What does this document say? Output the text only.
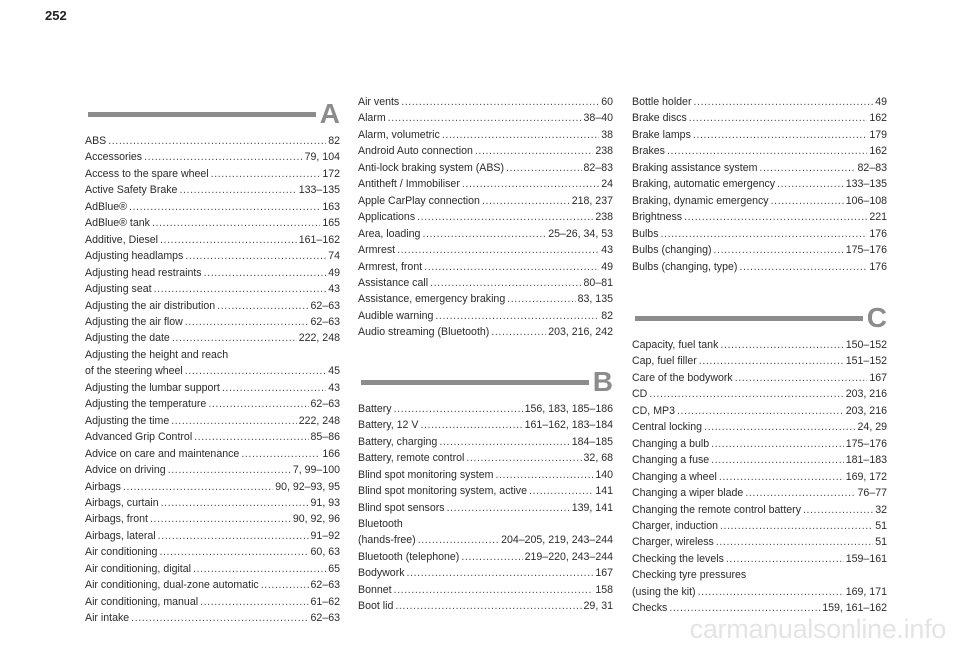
252
A
ABS .....	82
Accessories .....	79, 104
Access to the spare wheel .....	172
Active Safety Brake .....	133–135
AdBlue® .....	163
AdBlue® tank .....	165
Additive, Diesel .....	161–162
Adjusting headlamps .....	74
Adjusting head restraints .....	49
Adjusting seat .....	43
Adjusting the air distribution .....	62–63
Adjusting the air flow .....	62–63
Adjusting the date .....	222, 248
Adjusting the height and reach
of the steering wheel .....	45
Adjusting the lumbar support .....	43
Adjusting the temperature .....	62–63
Adjusting the time .....	222, 248
Advanced Grip Control .....	85–86
Advice on care and maintenance .....	166
Advice on driving .....	7, 99–100
Airbags .....	90, 92–93, 95
Airbags, curtain .....	91, 93
Airbags, front .....	90, 92, 96
Airbags, lateral .....	91–92
Air conditioning .....	60, 63
Air conditioning, digital .....	65
Air conditioning, dual-zone automatic .....	62–63
Air conditioning, manual .....	61–62
Air intake .....	62–63
Air vents .....	60
Alarm .....	38–40
Alarm, volumetric .....	38
Android Auto connection .....	238
Anti-lock braking system (ABS) .....	82–83
Antitheft / Immobiliser .....	24
Apple CarPlay connection .....	218, 237
Applications .....	238
Area, loading .....	25–26, 34, 53
Armrest .....	43
Armrest, front .....	49
Assistance call .....	80–81
Assistance, emergency braking .....	83, 135
Audible warning .....	82
Audio streaming (Bluetooth) .....	203, 216, 242
B
Battery .....	156, 183, 185–186
Battery, 12 V .....	161–162, 183–184
Battery, charging .....	184–185
Battery, remote control .....	32, 68
Blind spot monitoring system .....	140
Blind spot monitoring system, active .....	141
Blind spot sensors .....	139, 141
Bluetooth
(hands-free) .....	204–205, 219, 243–244
Bluetooth (telephone) .....	219–220, 243–244
Bodywork .....	167
Bonnet .....	158
Boot lid .....	29, 31
Bottle holder .....	49
Brake discs .....	162
Brake lamps .....	179
Brakes .....	162
Braking assistance system .....	82–83
Braking, automatic emergency .....	133–135
Braking, dynamic emergency .....	106–108
Brightness .....	221
Bulbs .....	176
Bulbs (changing) .....	175–176
Bulbs (changing, type) .....	176
C
Capacity, fuel tank .....	150–152
Cap, fuel filler .....	151–152
Care of the bodywork .....	167
CD .....	203, 216
CD, MP3 .....	203, 216
Central locking .....	24, 29
Changing a bulb .....	175–176
Changing a fuse .....	181–183
Changing a wheel .....	169, 172
Changing a wiper blade .....	76–77
Changing the remote control battery .....	32
Charger, induction .....	51
Charger, wireless .....	51
Checking the levels .....	159–161
Checking tyre pressures
(using the kit) .....	169, 171
Checks .....	159, 161–162
carmanualsonline.info
